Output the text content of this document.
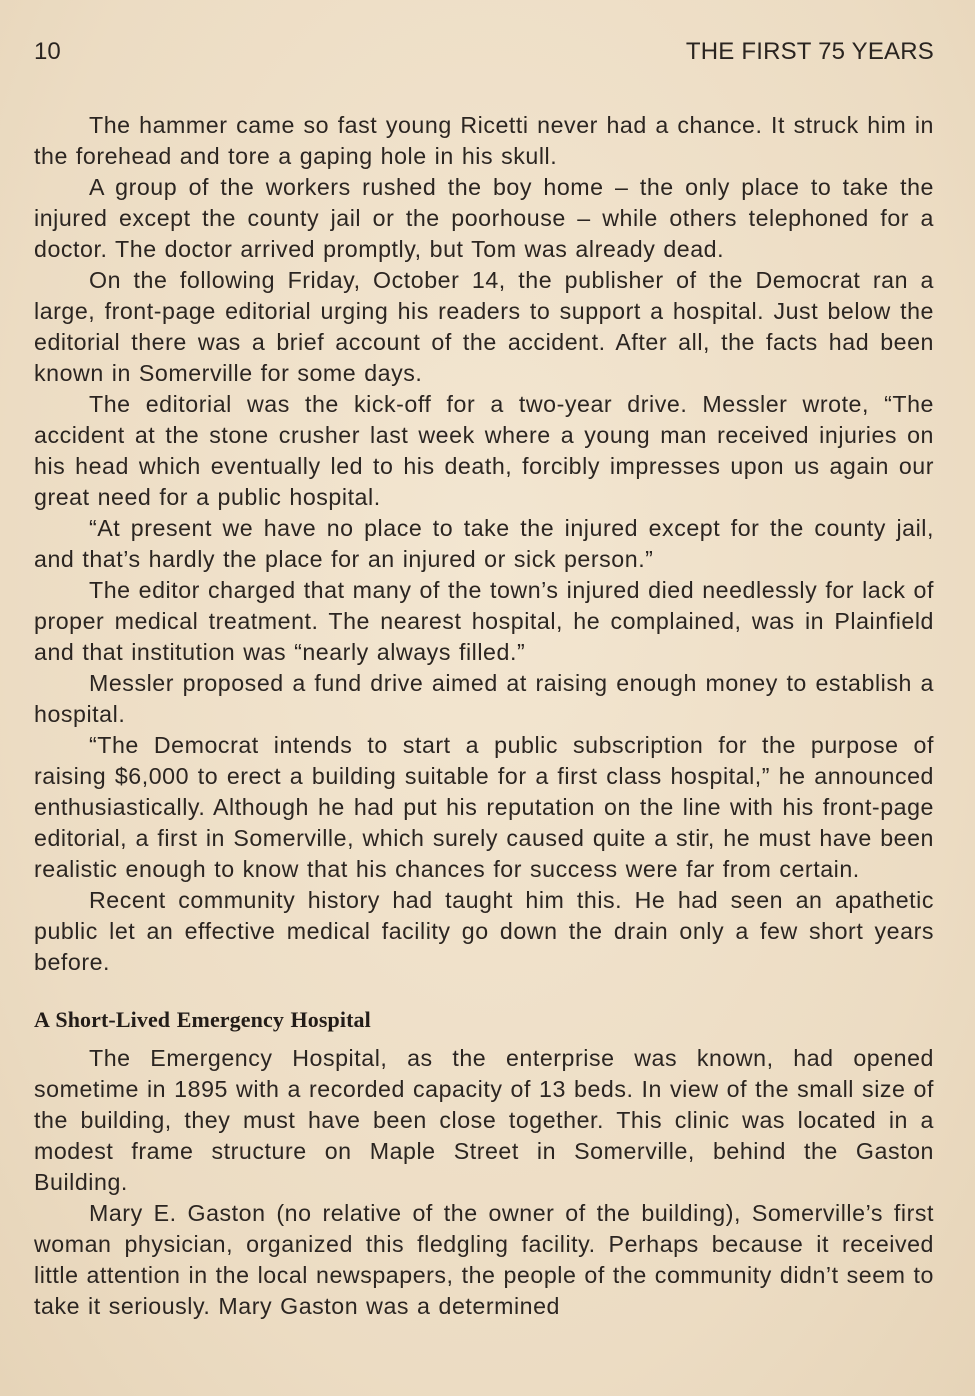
10	THE FIRST 75 YEARS

The hammer came so fast young Ricetti never had a chance. It struck him in the forehead and tore a gaping hole in his skull.

A group of the workers rushed the boy home – the only place to take the injured except the county jail or the poorhouse – while others telephoned for a doctor. The doctor arrived promptly, but Tom was already dead.

On the following Friday, October 14, the publisher of the Democrat ran a large, front-page editorial urging his readers to support a hospital. Just below the editorial there was a brief account of the accident. After all, the facts had been known in Somerville for some days.

The editorial was the kick-off for a two-year drive. Messler wrote, “The accident at the stone crusher last week where a young man received injuries on his head which eventually led to his death, forcibly impresses upon us again our great need for a public hospital.

“At present we have no place to take the injured except for the county jail, and that’s hardly the place for an injured or sick person.”

The editor charged that many of the town’s injured died needlessly for lack of proper medical treatment. The nearest hospital, he complained, was in Plainfield and that institution was “nearly always filled.”

Messler proposed a fund drive aimed at raising enough money to establish a hospital.

“The Democrat intends to start a public subscription for the purpose of raising $6,000 to erect a building suitable for a first class hospital,” he announced enthusiastically. Although he had put his reputation on the line with his front-page editorial, a first in Somerville, which surely caused quite a stir, he must have been realistic enough to know that his chances for success were far from certain.

Recent community history had taught him this. He had seen an apathetic public let an effective medical facility go down the drain only a few short years before.

A Short-Lived Emergency Hospital

The Emergency Hospital, as the enterprise was known, had opened sometime in 1895 with a recorded capacity of 13 beds. In view of the small size of the building, they must have been close together. This clinic was located in a modest frame structure on Maple Street in Somerville, behind the Gaston Building.

Mary E. Gaston (no relative of the owner of the building), Somerville’s first woman physician, organized this fledgling facility. Perhaps because it received little attention in the local newspapers, the people of the community didn’t seem to take it seriously. Mary Gaston was a determined
